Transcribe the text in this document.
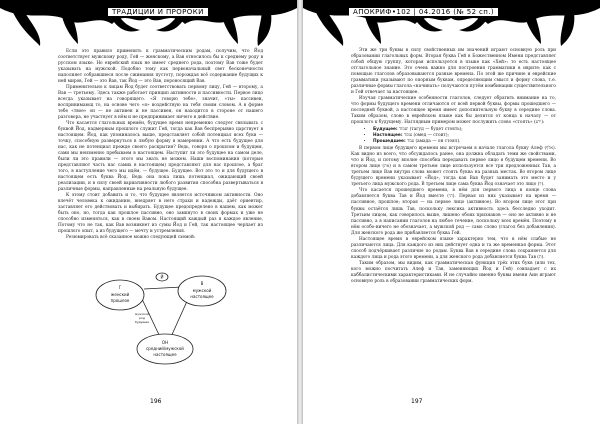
ТРАДИЦИИ И ПРОРОКИ

Если это правило применить к грамматическим родам, получим, что Йод соответствует мужскому роду, Гей — женскому, а Вав относилось бы к среднему роду в русском языке. Но еврейский язык не имеет среднего рода, поэтому Вав тоже будет указывать на мужской. Подобно тому как первоначальный свет бесконечности наполняет собравшиеся после сжимания пустоту, порождая всё содержание будущих к ней миров, Гей — это Вав, так Йод — это Вав, пероносящий Вав.

Применительно к лицам Йод будет соответствовать первому лицу, Гей — второму, а Вав — третьему. Здесь также работает принцип активности и пассивности. Первое лицо всегда указывает на говорящего. «Я говорю тебе», значит, «ты» пассивен, воспринимающ то, на основе чего «я» воздействую на тебя своим словом. А в форме тебе «твое» он — не активен и не пассивен, он находится в стороне от нашего разговора, не участвует в нём и не предпринимает ничего в действие.

Что касается глагольных времён, будущее время непременно следует связывать с буквой Йод, надмерным прошлого служит Гей, тогда как Вав беспрерывно царствует в настоящем. Йод, как упоминалось выше, представляет собой потенциал всех букв — точку, способную развернуться в любую форму в намерении. А что есть будущее для нас, как не потенциал прежде своего раскрытия? Ведь, говоря о прошлом и будущем, сами мы неизменно пребываем в настоящем. Наступит ли это будущее на самом деле, были ли это правили — этого мы знать не можем. Наши воспоминания (которые представляют часть нас самих в настоящем) представляют для нас прошлое, а брат того, в наступление чего мы идём, — будущее. Будущее. Вот это то и для будущего в настоящем есть буква Йод. Ведь она пока лишь потенциал, ожидающий своей реализации, и в силу своей вариативности любого развития способна развертываться в различные формы, направленные на реальную будущее.

К этому стоит добавить и то, что будущее является источником активности. Оно влечёт человека к ожиданию, внедряет в него страхи и надежды, даёт ориентир, заставляет его действовать и выбирать. Будущее предопределено в нашем, как может быть оно, но, тогда как прошлое пассивно, оно замкнуто в своих формах и уже не способно изменяться, как в своем Вавом. Настоящий каждый раз в каждое явление, Потому что не так, как Вав возникнет из сумы Йод и Гей, так настоящее черпает из прошлого опыт, а из будущего — мечту и устремления.

Резюмировать всё сказанное можно следующей схемой:

Й
Г
женский
прошлое
В
мужской
настоящее
ОН
средний/мужской
настоящее
мужской
род
будущее
196
АПОКРИФ•102 | 04.2016 (№ 52 сп.)

Эти же три буквы в силу свойственных им значений играют основную роль при образовании глагольных форм. Вторая буква Гей в Божественном Имени представляет собой общую группу, которая используется в языке как «Хей»: то есть настоящее отглагольное знание. Это очень важно для построения грамматики в иврите: как с помощью глаголов образовываются разные времена. По этой же причине и еврейские грамматики указывают по опорным буквам, определяющим смысл и форму слова, т.е. различные формы глагола «начинать» получаются путём комбинации существительного и Гей отвечает за настоящее.

Изучая грамматические особенности глаголов, следует обратить внимание на то, что формы будущего времени отличаются от всей первой буквы, формы прошедшего — последней буквой, а настоящее время имеет дополнительную букву в середине слова. Таким образом, слово в еврейском языке как бы делится от конца к началу — от прошлого к будущему. Наглядным примером может послужить слово «стоять» (ירע):

• Будущее: יעמוד (тагуд — будет стоять);
• Настоящее: עומד (омед — стоит);
• Прошедшее: עמד (амада — он стоял).

В первом лице будущего времени мы встречаем в начале глагола букву Алеф (אלף). Как видно из всего, что обсуждалось ранее, она должна обладать теми же свойствами, что и Йод, и потому вполне способна передавать первое лицо в будущем времени. Во втором лице (את) и в самом третьем лице используется все три предложенных Тав, а третьем лице Вав внутри слова может стоять буква на разных местах. Во втором лице будущего времени указывает «Йод», тогда как Вав будет занимать это место и у третьего лица мужского рода. В третьем лице сама буква Йод означает это лицо (יו).

Что касается прошедшего времени, в нём для первого лица в конце слова добавляется буква Тав и Йод вместе (תי). Первая из них указывает на время — пассивное, прошлое; вторая — на первое лицо (активное). Во втором лице этот при буквы остаётся лишь Тав, поскольку лексика активность здесь бесследно уходит. Третьим лицом, как говорилось выше, лишено обоих признаков — оно не активно и не пассивно, а в написании глаголов на любое течение, поскольку всех времён. Поэтому в нём особо-ничего не обозначает, а мужской род — само слово (глагол без добавления). Для женского рода же прибавляется буква Гей.

Настоящее время в еврейском языке характерно тем, что в нём слабые не различаются лица. Для каждого из них действует одна и та же временная форма. Этот способ подчёркивает различие по родам. Буква Вав в середине слова сохраняется для каждого лица и рода этого времени, а для женского рода добавляется буква Тав (ת).

Таким образом, мы видим, как грамматическая функция трёх этих букв (или тех, кого можно посчитать Алеф и Тав, заменяющих Йод и Гей) совпадает с их каббалистическими характеристиками. И не случайно именно буквы имени Аин играют основную роль в образовании грамматических форм.

197
